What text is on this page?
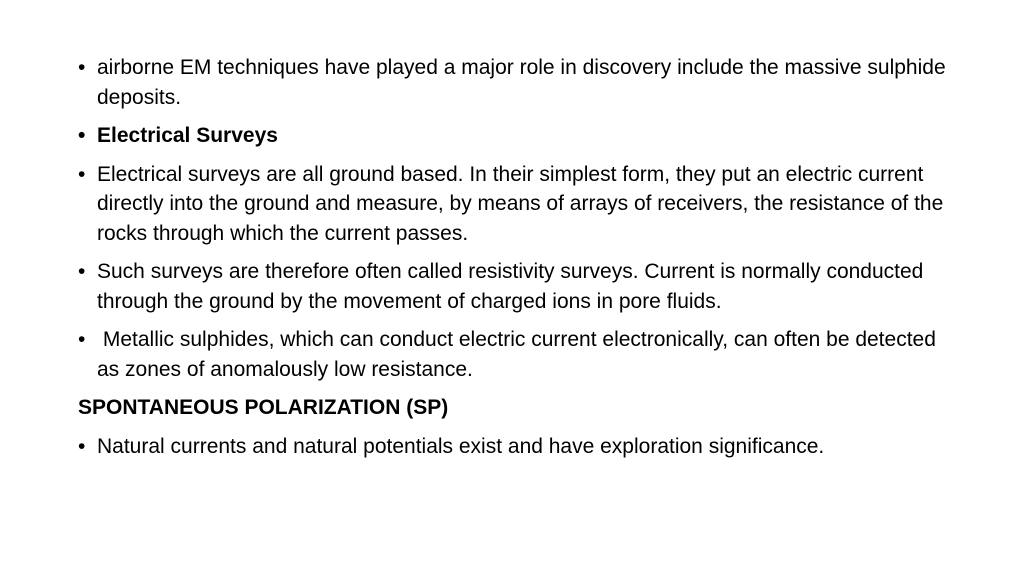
• airborne EM techniques have played a major role in discovery include the massive sulphide deposits.
• Electrical Surveys
• Electrical surveys are all ground based. In their simplest form, they put an electric current directly into the ground and measure, by means of arrays of receivers, the resistance of the rocks through which the current passes.
• Such surveys are therefore often called resistivity surveys. Current is normally conducted through the ground by the movement of charged ions in pore fluids.
• Metallic sulphides, which can conduct electric current electronically, can often be detected as zones of anomalously low resistance.
SPONTANEOUS POLARIZATION (SP)
• Natural currents and natural potentials exist and have exploration significance.
